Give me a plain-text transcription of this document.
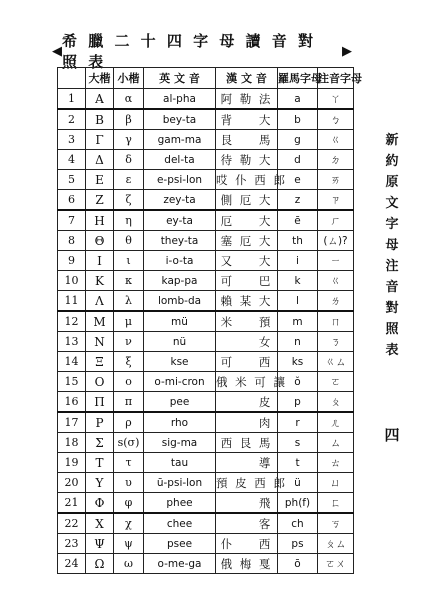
◀
希 臘 二 十 四 字 母 讀 音 對 照 表
▶
	大楷	小楷	英 文 音	漢 文 音	羅馬字母	注音字母
1	Α	α	al-pha	阿 勒 法	a	ㄚ
2	Β	β	bey-ta	背 　 大	b	ㄅ
3	Γ	γ	gam-ma	艮 　 馬	g	ㄍ
4	Δ	δ	del-ta	待 勒 大	d	ㄉ
5	Ε	ε	e-psi-lon	哎 仆 西 郎	e	ㄞ
6	Ζ	ζ	zey-ta	側 厄 大	z	ㄗ
7	Η	η	ey-ta	厄 　 大	ē	ㄏ
8	Θ	θ	they-ta	塞 厄 大	th	(ㄙ)?
9	Ι	ι	i-o-ta	又 　 大	i	ㄧ
10	Κ	κ	kap-pa	可 　 巴	k	ㄍ
11	Λ	λ	lomb-da	賴 某 大	l	ㄌ
12	Μ	μ	mü	米 　 預	m	ㄇ
13	Ν	ν	nü	　 　 女	n	ㄋ
14	Ξ	ξ	kse	可 　 西	ks	ㄍㄙ
15	Ο	ο	o-mi-cron	俄 米 可 讓	ŏ	ㄛ
16	Π	π	pee	　 　 皮	p	ㄆ
17	Ρ	ρ	rho	　 　 肉	r	ㄦ
18	Σ	s(σ)	sig-ma	西 艮 馬	s	ㄙ
19	Τ	τ	tau	　 　 導	t	ㄊ
20	Υ	υ	ū-psi-lon	預 皮 西 郎	ü	ㄩ
21	Φ	φ	phee	　 　 飛	ph(f)	ㄈ
22	Χ	χ	chee	　 　 客	ch	ㄎ
23	Ψ	ψ	psee	仆 　 西	ps	ㄆㄙ
24	Ω	ω	o-me-ga	俄 梅 戛	ō	ㄛㄨ
新約原文字母注音對照表
四
